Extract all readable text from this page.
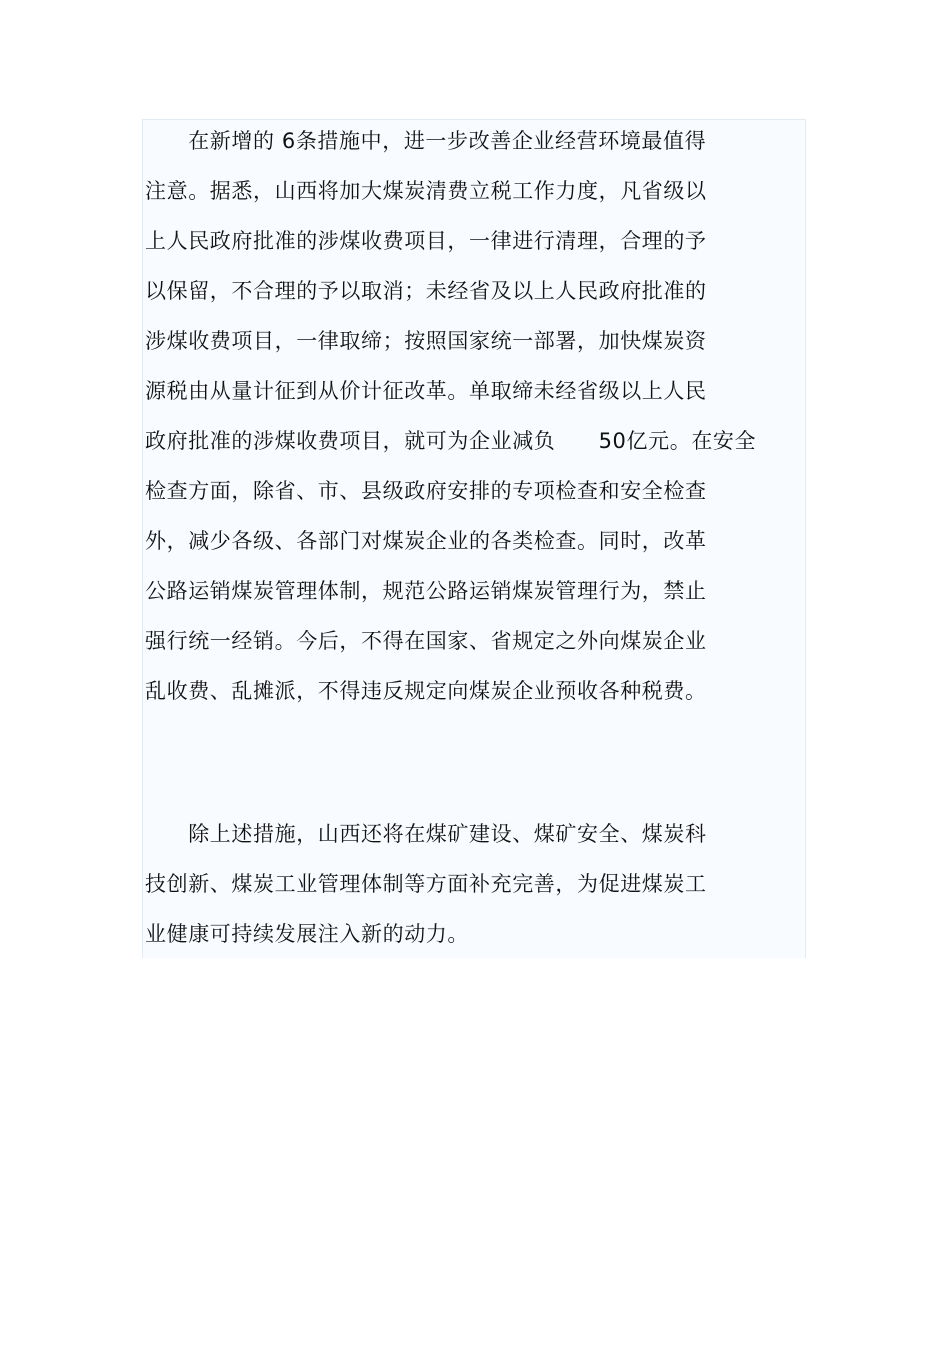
　　在新增的 6条措施中，进一步改善企业经营环境最值得
注意。据悉，山西将加大煤炭清费立税工作力度，凡省级以
上人民政府批准的涉煤收费项目，一律进行清理，合理的予
以保留，不合理的予以取消；未经省及以上人民政府批准的
涉煤收费项目，一律取缔；按照国家统一部署，加快煤炭资
源税由从量计征到从价计征改革。单取缔未经省级以上人民
政府批准的涉煤收费项目，就可为企业减负　　50亿元。在安全
检查方面，除省、市、县级政府安排的专项检查和安全检查
外，减少各级、各部门对煤炭企业的各类检查。同时，改革
公路运销煤炭管理体制，规范公路运销煤炭管理行为，禁止
强行统一经销。今后，不得在国家、省规定之外向煤炭企业
乱收费、乱摊派，不得违反规定向煤炭企业预收各种税费。
　　除上述措施，山西还将在煤矿建设、煤矿安全、煤炭科
技创新、煤炭工业管理体制等方面补充完善，为促进煤炭工
业健康可持续发展注入新的动力。
